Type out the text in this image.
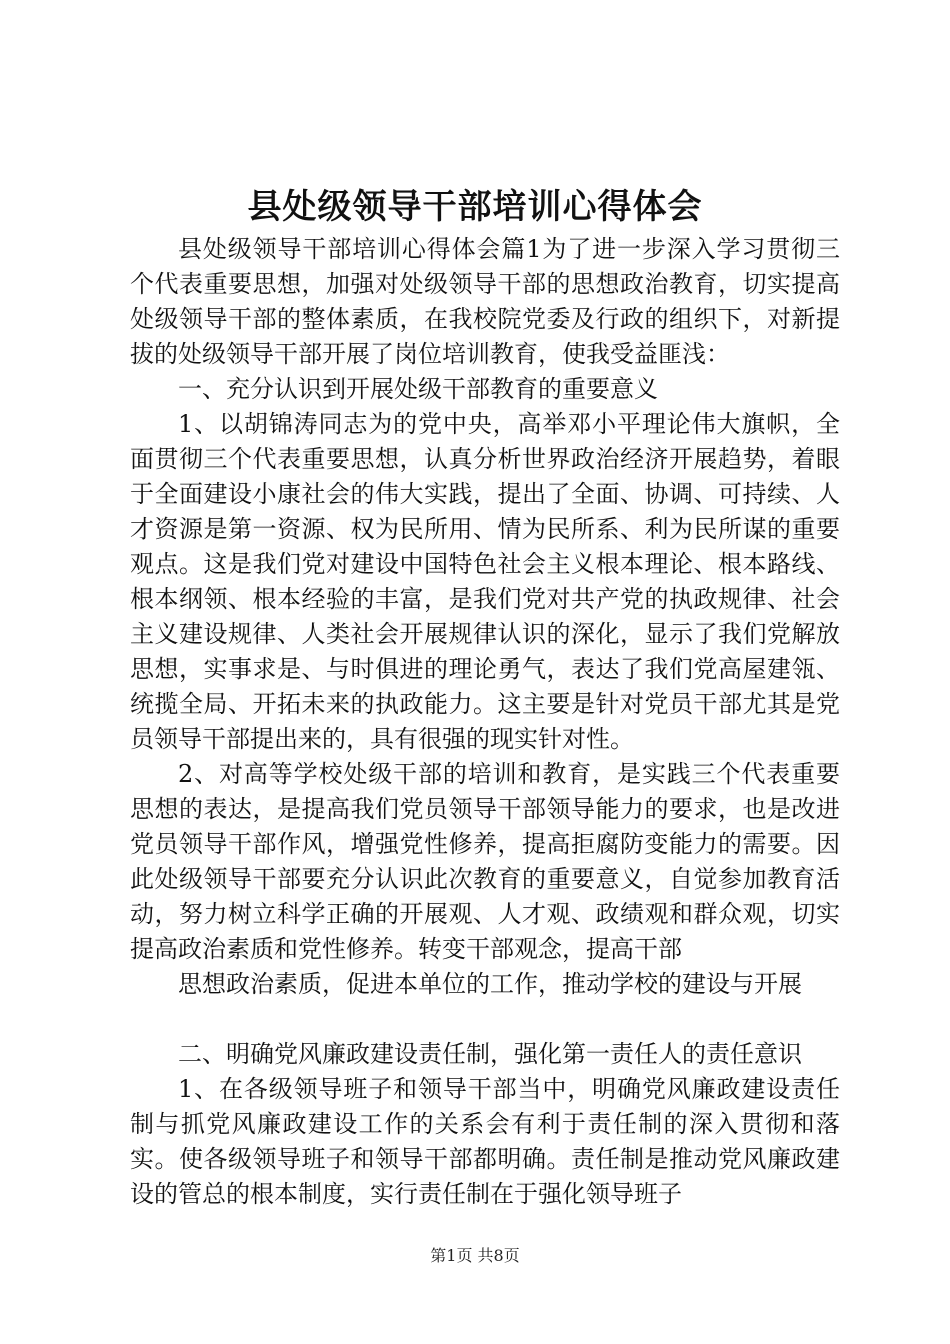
县处级领导干部培训心得体会

县处级领导干部培训心得体会篇1为了进一步深入学习贯彻三个代表重要思想，加强对处级领导干部的思想政治教育，切实提高处级领导干部的整体素质，在我校院党委及行政的组织下，对新提拔的处级领导干部开展了岗位培训教育，使我受益匪浅：

一、充分认识到开展处级干部教育的重要意义

1、以胡锦涛同志为的党中央，高举邓小平理论伟大旗帜，全面贯彻三个代表重要思想，认真分析世界政治经济开展趋势，着眼于全面建设小康社会的伟大实践，提出了全面、协调、可持续、人才资源是第一资源、权为民所用、情为民所系、利为民所谋的重要观点。这是我们党对建设中国特色社会主义根本理论、根本路线、根本纲领、根本经验的丰富，是我们党对共产党的执政规律、社会主义建设规律、人类社会开展规律认识的深化，显示了我们党解放思想，实事求是、与时俱进的理论勇气，表达了我们党高屋建瓴、统揽全局、开拓未来的执政能力。这主要是针对党员干部尤其是党员领导干部提出来的，具有很强的现实针对性。

2、对高等学校处级干部的培训和教育，是实践三个代表重要思想的表达，是提高我们党员领导干部领导能力的要求，也是改进党员领导干部作风，增强党性修养，提高拒腐防变能力的需要。因此处级领导干部要充分认识此次教育的重要意义，自觉参加教育活动，努力树立科学正确的开展观、人才观、政绩观和群众观，切实提高政治素质和党性修养。转变干部观念，提高干部

思想政治素质，促进本单位的工作，推动学校的建设与开展

二、明确党风廉政建设责任制，强化第一责任人的责任意识

1、在各级领导班子和领导干部当中，明确党风廉政建设责任制与抓党风廉政建设工作的关系会有利于责任制的深入贯彻和落实。使各级领导班子和领导干部都明确。责任制是推动党风廉政建设的管总的根本制度，实行责任制在于强化领导班子

第1页 共8页
